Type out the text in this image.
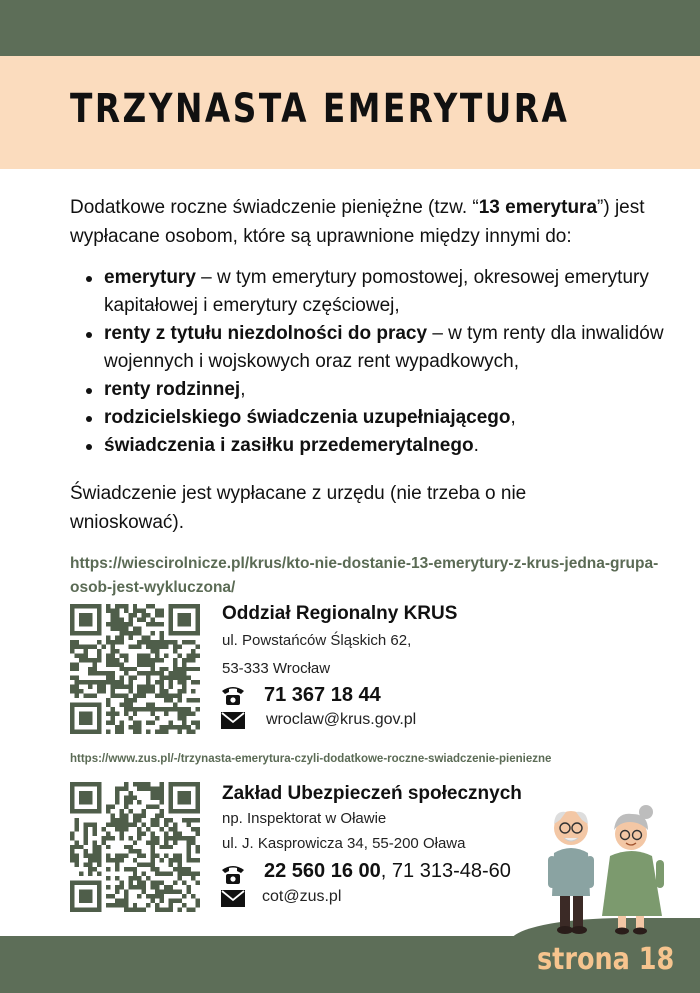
TRZYNASTA EMERYTURA

Dodatkowe roczne świadczenie pieniężne (tzw. “13 emerytura”) jest wypłacane osobom, które są uprawnione między innymi do:

emerytury – w tym emerytury pomostowej, okresowej emerytury kapitałowej i emerytury częściowej,
renty z tytułu niezdolności do pracy – w tym renty dla inwalidów wojennych i wojskowych oraz rent wypadkowych,
renty rodzinnej,
rodzicielskiego świadczenia uzupełniającego,
świadczenia i zasiłku przedemerytalnego.

Świadczenie jest wypłacane z urzędu (nie trzeba o nie wnioskować).

https://wiescirolnicze.pl/krus/kto-nie-dostanie-13-emerytury-z-krus-jedna-grupa-osob-jest-wykluczona/

Oddział Regionalny KRUS

ul. Powstańców Śląskich 62,

53-333 Wrocław

71 367 18 44

wroclaw@krus.gov.pl

https://www.zus.pl/-/trzynasta-emerytura-czyli-dodatkowe-roczne-swiadczenie-pieniezne

Zakład Ubezpieczeń społecznych

np. Inspektorat w Oławie

ul. J. Kasprowicza 34, 55-200 Oława

22 560 16 00, 71 313-48-60

cot@zus.pl

strona 18
